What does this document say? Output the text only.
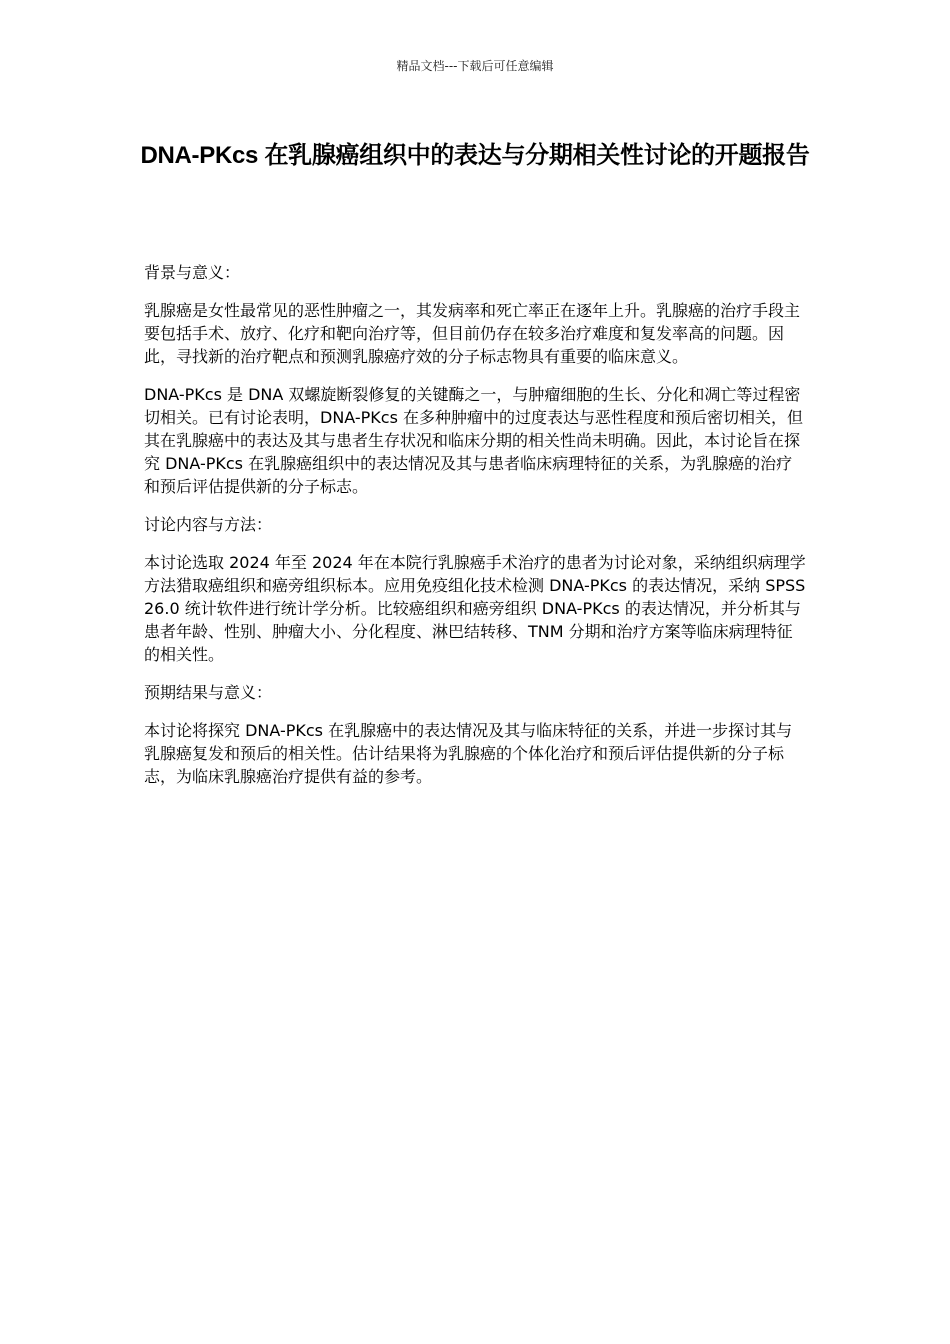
精品文档---下载后可任意编辑
DNA-PKcs 在乳腺癌组织中的表达与分期相关性讨论的开题报告

背景与意义：

乳腺癌是女性最常见的恶性肿瘤之一，其发病率和死亡率正在逐年上升。乳腺癌的治疗手段主要包括手术、放疗、化疗和靶向治疗等，但目前仍存在较多治疗难度和复发率高的问题。因此，寻找新的治疗靶点和预测乳腺癌疗效的分子标志物具有重要的临床意义。

DNA-PKcs 是 DNA 双螺旋断裂修复的关键酶之一，与肿瘤细胞的生长、分化和凋亡等过程密切相关。已有讨论表明，DNA-PKcs 在多种肿瘤中的过度表达与恶性程度和预后密切相关，但其在乳腺癌中的表达及其与患者生存状况和临床分期的相关性尚未明确。因此，本讨论旨在探究 DNA-PKcs 在乳腺癌组织中的表达情况及其与患者临床病理特征的关系，为乳腺癌的治疗和预后评估提供新的分子标志。

讨论内容与方法：

本讨论选取 2024 年至 2024 年在本院行乳腺癌手术治疗的患者为讨论对象，采纳组织病理学方法猎取癌组织和癌旁组织标本。应用免疫组化技术检测 DNA-PKcs 的表达情况，采纳 SPSS 26.0 统计软件进行统计学分析。比较癌组织和癌旁组织 DNA-PKcs 的表达情况，并分析其与患者年龄、性别、肿瘤大小、分化程度、淋巴结转移、TNM 分期和治疗方案等临床病理特征的相关性。

预期结果与意义：

本讨论将探究 DNA-PKcs 在乳腺癌中的表达情况及其与临床特征的关系，并进一步探讨其与乳腺癌复发和预后的相关性。估计结果将为乳腺癌的个体化治疗和预后评估提供新的分子标志，为临床乳腺癌治疗提供有益的参考。
